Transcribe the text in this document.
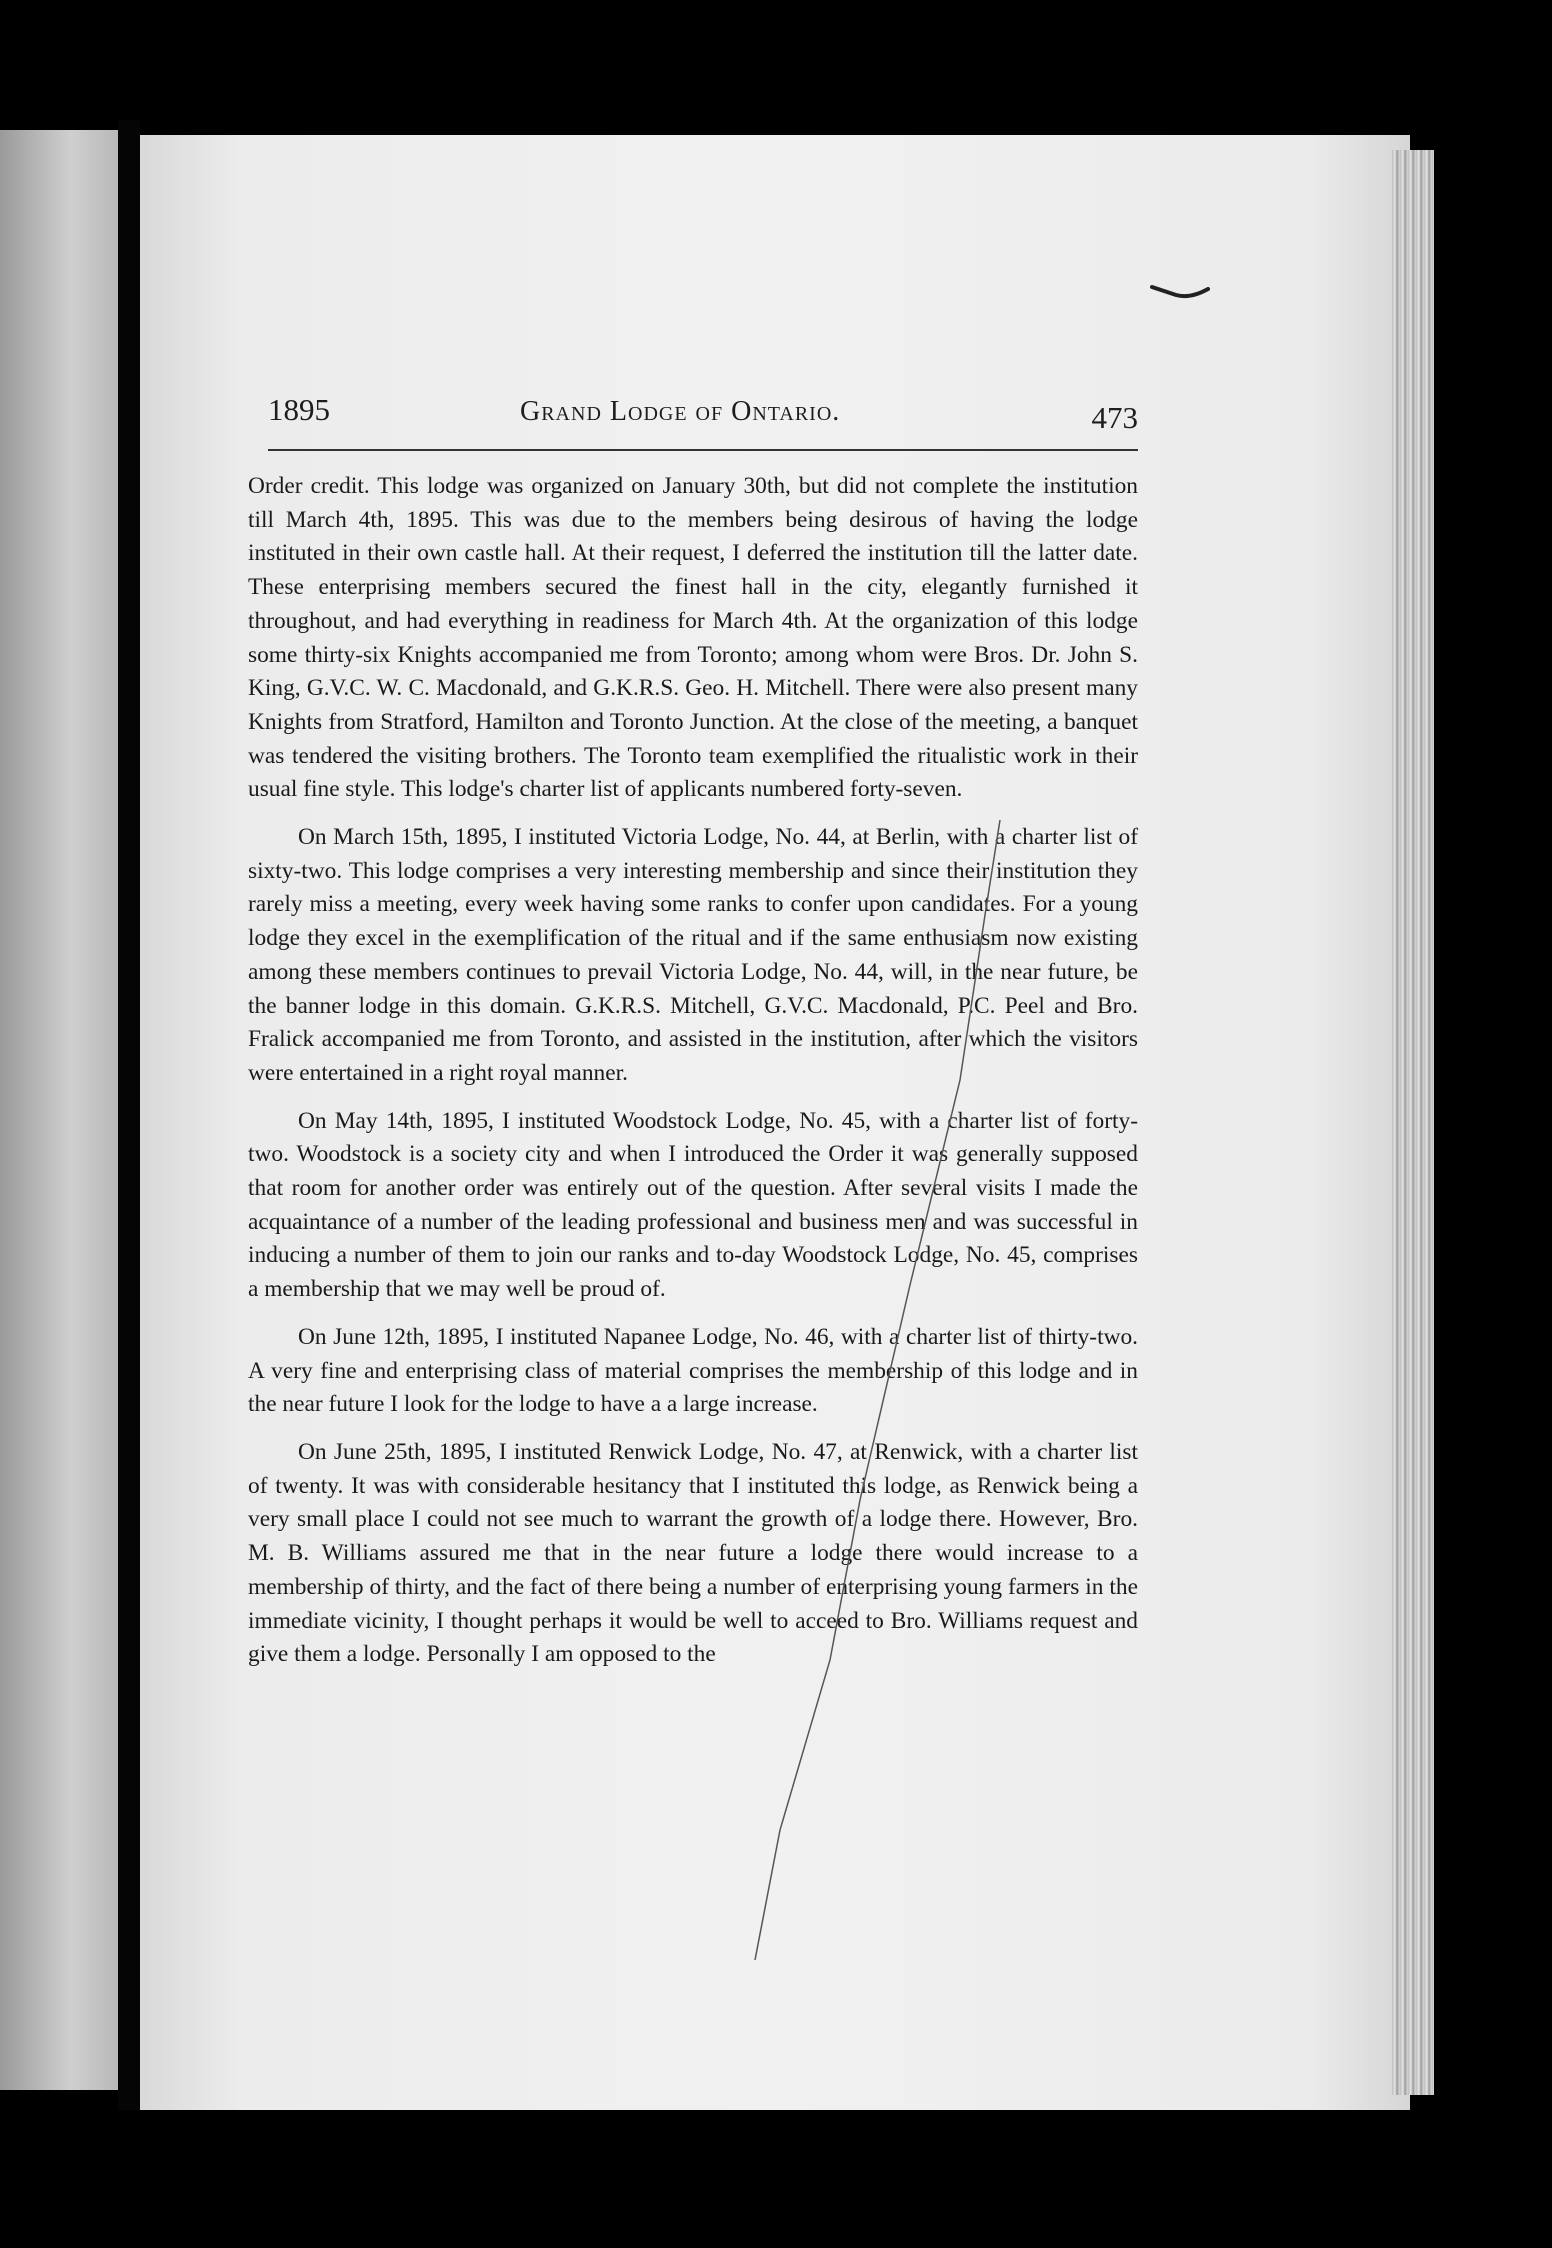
1895	Grand Lodge of Ontario.	473

Order credit. This lodge was organized on January 30th, but did not complete the institution till March 4th, 1895. This was due to the members being desirous of having the lodge instituted in their own castle hall. At their request, I deferred the institution till the latter date. These enterprising members secured the finest hall in the city, elegantly furnished it throughout, and had everything in readiness for March 4th. At the organization of this lodge some thirty-six Knights accompanied me from Toronto; among whom were Bros. Dr. John S. King, G.V.C. W. C. Macdonald, and G.K.R.S. Geo. H. Mitchell. There were also present many Knights from Stratford, Hamilton and Toronto Junction. At the close of the meeting, a banquet was tendered the visiting brothers. The Toronto team exemplified the ritualistic work in their usual fine style. This lodge's charter list of applicants numbered forty-seven.

On March 15th, 1895, I instituted Victoria Lodge, No. 44, at Berlin, with a charter list of sixty-two. This lodge comprises a very interesting membership and since their institution they rarely miss a meeting, every week having some ranks to confer upon candidates. For a young lodge they excel in the exemplification of the ritual and if the same enthusiasm now existing among these members continues to prevail Victoria Lodge, No. 44, will, in the near future, be the banner lodge in this domain. G.K.R.S. Mitchell, G.V.C. Macdonald, P.C. Peel and Bro. Fralick accompanied me from Toronto, and assisted in the institution, after which the visitors were entertained in a right royal manner.

On May 14th, 1895, I instituted Woodstock Lodge, No. 45, with a charter list of forty-two. Woodstock is a society city and when I introduced the Order it was generally supposed that room for another order was entirely out of the question. After several visits I made the acquaintance of a number of the leading professional and business men and was successful in inducing a number of them to join our ranks and to-day Woodstock Lodge, No. 45, comprises a membership that we may well be proud of.

On June 12th, 1895, I instituted Napanee Lodge, No. 46, with a charter list of thirty-two. A very fine and enterprising class of material comprises the membership of this lodge and in the near future I look for the lodge to have a a large increase.

On June 25th, 1895, I instituted Renwick Lodge, No. 47, at Renwick, with a charter list of twenty. It was with considerable hesitancy that I instituted this lodge, as Renwick being a very small place I could not see much to warrant the growth of a lodge there. However, Bro. M. B. Williams assured me that in the near future a lodge there would increase to a membership of thirty, and the fact of there being a number of enterprising young farmers in the immediate vicinity, I thought perhaps it would be well to acceed to Bro. Williams request and give them a lodge. Personally I am opposed to the
